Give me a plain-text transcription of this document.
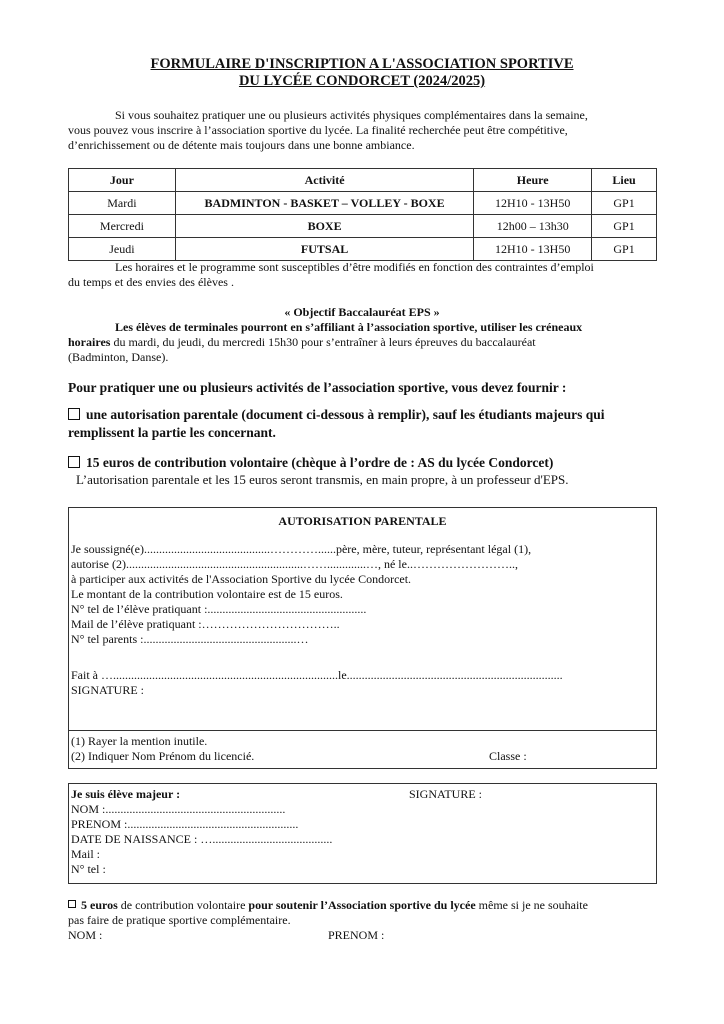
FORMULAIRE D'INSCRIPTION A L'ASSOCIATION SPORTIVE
DU LYCÉE CONDORCET (2024/2025)
Si vous souhaitez pratiquer une ou plusieurs activités physiques complémentaires dans la semaine,
vous pouvez vous inscrire à l’association sportive du lycée. La finalité recherchée peut être compétitive,
d’enrichissement ou de détente mais toujours dans une bonne ambiance.
Jour	Activité	Heure	Lieu
Mardi	BADMINTON - BASKET – VOLLEY - BOXE	12H10 - 13H50	GP1
Mercredi	BOXE	12h00 – 13h30	GP1
Jeudi	FUTSAL	12H10 - 13H50	GP1
Les horaires et le programme sont susceptibles d’être modifiés en fonction des contraintes d’emploi
du temps et des envies des élèves .
« Objectif Baccalauréat EPS »
Les élèves de terminales pourront en s’affiliant à l’association sportive, utiliser les créneaux
horaires du mardi, du jeudi, du mercredi 15h30 pour s’entraîner à leurs épreuves du baccalauréat
(Badminton, Danse).
Pour pratiquer une ou plusieurs activités de l’association sportive, vous devez fournir :
une autorisation parentale (document ci-dessous à remplir), sauf les étudiants majeurs qui
remplissent la partie les concernant.
15 euros de contribution volontaire (chèque à l’ordre de : AS du lycée Condorcet)
L’autorisation parentale et les 15 euros seront transmis, en main propre, à un professeur d'EPS.
AUTORISATION PARENTALE
Je soussigné(e)..........................................…………......père, mère, tuteur, représentant légal (1),
autorise (2)...........................................................…….............…, né le..……………………..,
à participer aux activités de l'Association Sportive du lycée Condorcet.
Le montant de la contribution volontaire est de 15 euros.
N° tel de l’élève pratiquant :.....................................................
Mail de l’élève pratiquant :……………………………..
N° tel parents :...................................................…
Fait à …...........................................................................le........................................................................
SIGNATURE :
(1) Rayer la mention inutile.
(2) Indiquer Nom Prénom du licencié.	Classe :
Je suis élève majeur :	SIGNATURE :
NOM :............................................................
PRENOM :.........................................................
DATE DE NAISSANCE : …........................................
Mail :
N° tel :
5 euros de contribution volontaire pour soutenir l’Association sportive du lycée même si je ne souhaite
pas faire de pratique sportive complémentaire.
NOM :	PRENOM :
